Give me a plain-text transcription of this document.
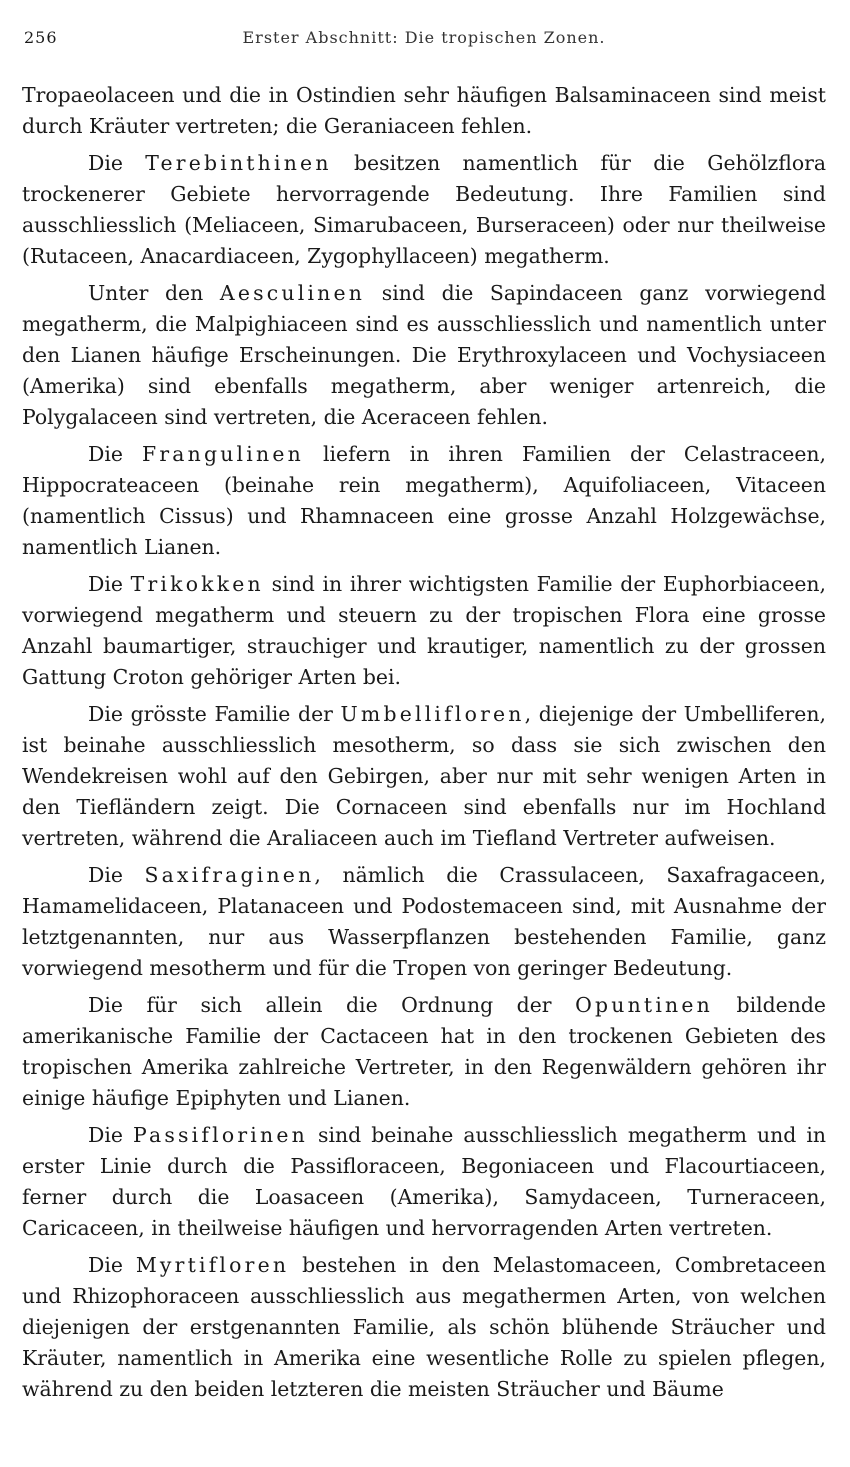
256	Erster Abschnitt: Die tropischen Zonen.

Tropaeolaceen und die in Ostindien sehr häufigen Balsaminaceen sind meist durch Kräuter vertreten; die Geraniaceen fehlen.

Die Terebinthinen besitzen namentlich für die Gehölzflora trockenerer Gebiete hervorragende Bedeutung. Ihre Familien sind ausschliesslich (Meliaceen, Simarubaceen, Burseraceen) oder nur theilweise (Rutaceen, Anacardiaceen, Zygophyllaceen) megatherm.

Unter den Aesculinen sind die Sapindaceen ganz vorwiegend megatherm, die Malpighiaceen sind es ausschliesslich und namentlich unter den Lianen häufige Erscheinungen. Die Erythroxylaceen und Vochysiaceen (Amerika) sind ebenfalls megatherm, aber weniger artenreich, die Polygalaceen sind vertreten, die Aceraceen fehlen.

Die Frangulinen liefern in ihren Familien der Celastraceen, Hippocrateaceen (beinahe rein megatherm), Aquifoliaceen, Vitaceen (namentlich Cissus) und Rhamnaceen eine grosse Anzahl Holzgewächse, namentlich Lianen.

Die Trikokken sind in ihrer wichtigsten Familie der Euphorbiaceen, vorwiegend megatherm und steuern zu der tropischen Flora eine grosse Anzahl baumartiger, strauchiger und krautiger, namentlich zu der grossen Gattung Croton gehöriger Arten bei.

Die grösste Familie der Umbellifloren, diejenige der Umbelliferen, ist beinahe ausschliesslich mesotherm, so dass sie sich zwischen den Wendekreisen wohl auf den Gebirgen, aber nur mit sehr wenigen Arten in den Tiefländern zeigt. Die Cornaceen sind ebenfalls nur im Hochland vertreten, während die Araliaceen auch im Tiefland Vertreter aufweisen.

Die Saxifraginen, nämlich die Crassulaceen, Saxafragaceen, Hamamelidaceen, Platanaceen und Podostemaceen sind, mit Ausnahme der letztgenannten, nur aus Wasserpflanzen bestehenden Familie, ganz vorwiegend mesotherm und für die Tropen von geringer Bedeutung.

Die für sich allein die Ordnung der Opuntinen bildende amerikanische Familie der Cactaceen hat in den trockenen Gebieten des tropischen Amerika zahlreiche Vertreter, in den Regenwäldern gehören ihr einige häufige Epiphyten und Lianen.

Die Passiflorinen sind beinahe ausschliesslich megatherm und in erster Linie durch die Passifloraceen, Begoniaceen und Flacourtiaceen, ferner durch die Loasaceen (Amerika), Samydaceen, Turneraceen, Caricaceen, in theilweise häufigen und hervorragenden Arten vertreten.

Die Myrtifloren bestehen in den Melastomaceen, Combretaceen und Rhizophoraceen ausschliesslich aus megathermen Arten, von welchen diejenigen der erstgenannten Familie, als schön blühende Sträucher und Kräuter, namentlich in Amerika eine wesentliche Rolle zu spielen pflegen, während zu den beiden letzteren die meisten Sträucher und Bäume
